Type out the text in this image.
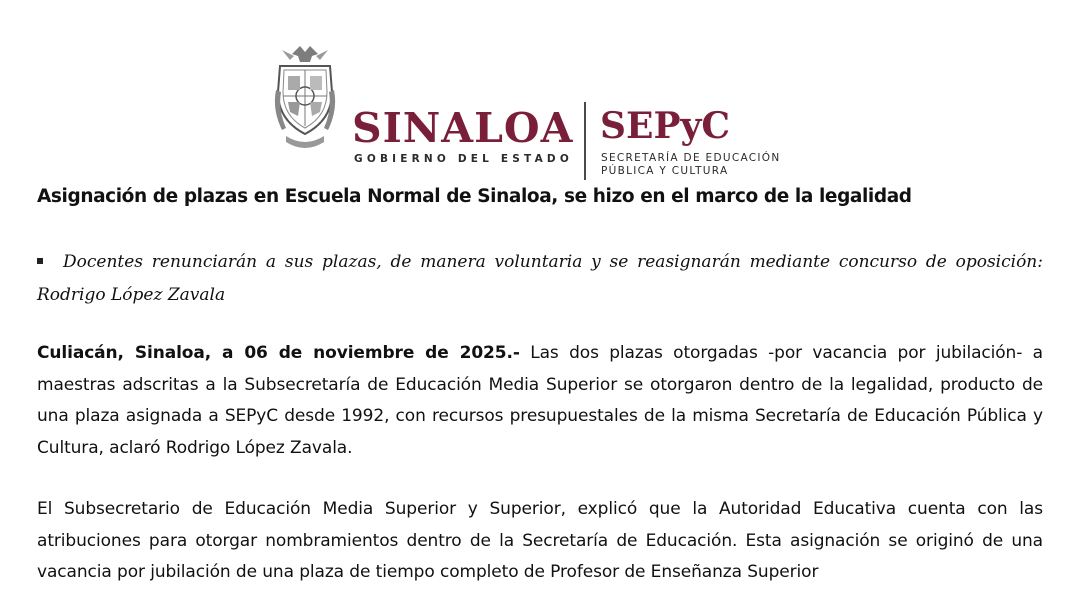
SINALOA
GOBIERNO DEL ESTADO
SEPyC
SECRETARÍA DE EDUCACIÓN
PÚBLICA Y CULTURA
Asignación de plazas en Escuela Normal de Sinaloa, se hizo en el marco de la legalidad
Docentes renunciarán a sus plazas, de manera voluntaria y se reasignarán mediante concurso de oposición: Rodrigo López Zavala
Culiacán, Sinaloa, a 06 de noviembre de 2025.- Las dos plazas otorgadas -por vacancia por jubilación- a maestras adscritas a la Subsecretaría de Educación Media Superior se otorgaron dentro de la legalidad, producto de una plaza asignada a SEPyC desde 1992, con recursos presupuestales de la misma Secretaría de Educación Pública y Cultura, aclaró Rodrigo López Zavala.
El Subsecretario de Educación Media Superior y Superior, explicó que la Autoridad Educativa cuenta con las atribuciones para otorgar nombramientos dentro de la Secretaría de Educación. Esta asignación se originó de una vacancia por jubilación de una plaza de tiempo completo de Profesor de Enseñanza Superior
